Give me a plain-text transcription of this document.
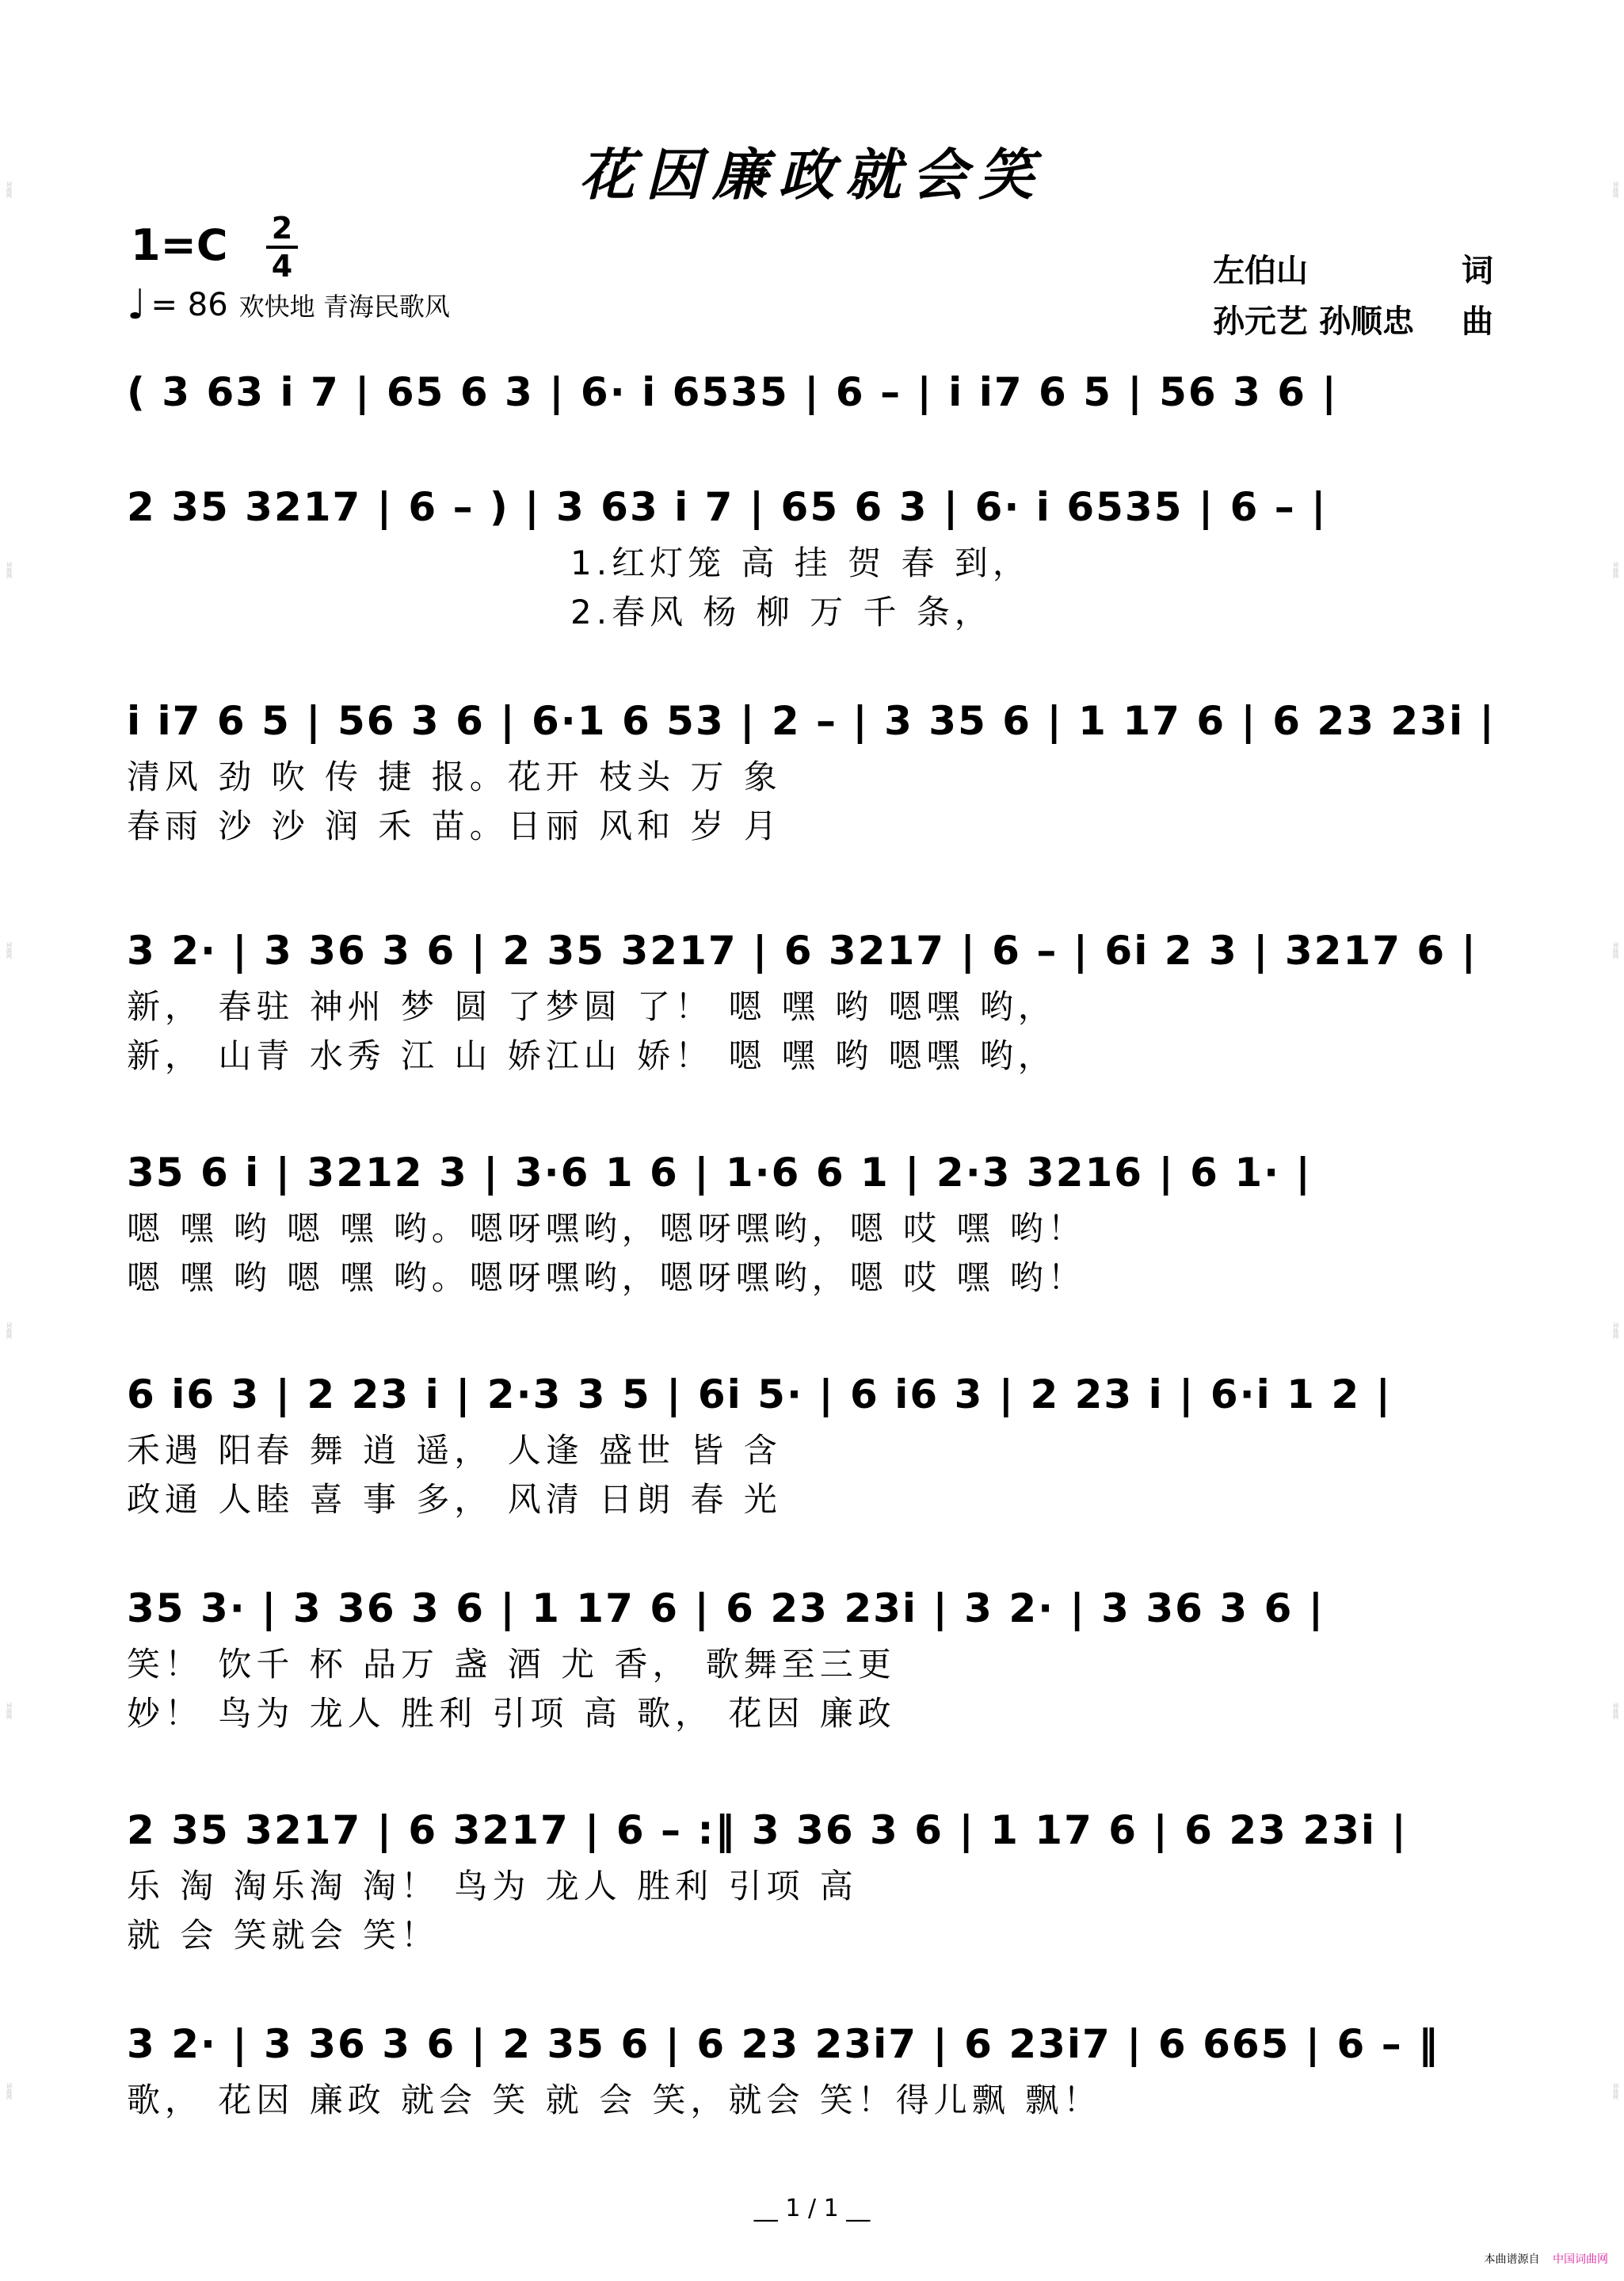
词曲网
词曲网
词曲网
词曲网
词曲网
词曲网
词曲网
词曲网
词曲网
词曲网
词曲网
词曲网
花因廉政就会笑
1=C 2
4
♩ = 86 欢快地 青海民歌风
左伯山	词
孙元艺 孙顺忠 曲
( 3 63 i 7 | 65 6 3 | 6· i 6535 | 6 – | i i7 6 5 | 56 3 6 |
2 35 3217 | 6 – ) | 3 63 i 7 | 65 6 3 | 6· i 6535 | 6 – |
1.红灯笼 高 挂 贺 春 到，
2.春风 杨 柳 万 千 条，
i i7 6 5 | 56 3 6 | 6·1 6 53 | 2 – | 3 35 6 | 1 17 6 | 6 23 23i |
清风 劲 吹 传 捷 报。花开 枝头 万 象
春雨 沙 沙 润 禾 苗。日丽 风和 岁 月
3 2· | 3 36 3 6 | 2 35 3217 | 6 3217 | 6 – | 6i 2 3 | 3217 6 |
新， 春驻 神州 梦 圆 了梦圆 了！ 嗯 嘿 哟 嗯嘿 哟，
新， 山青 水秀 江 山 娇江山 娇！ 嗯 嘿 哟 嗯嘿 哟，
35 6 i | 3212 3 | 3·6 1 6 | 1·6 6 1 | 2·3 3216 | 6 1· |
嗯 嘿 哟 嗯 嘿 哟。嗯呀嘿哟，嗯呀嘿哟，嗯 哎 嘿 哟！
嗯 嘿 哟 嗯 嘿 哟。嗯呀嘿哟，嗯呀嘿哟，嗯 哎 嘿 哟！
6 i6 3 | 2 23 i | 2·3 3 5 | 6i 5· | 6 i6 3 | 2 23 i | 6·i 1 2 |
禾遇 阳春 舞 逍 遥， 人逢 盛世 皆 含
政通 人睦 喜 事 多， 风清 日朗 春 光
35 3· | 3 36 3 6 | 1 17 6 | 6 23 23i | 3 2· | 3 36 3 6 |
笑！ 饮千 杯 品万 盏 酒 尤 香， 歌舞至三更
妙！ 鸟为 龙人 胜利 引项 高 歌， 花因 廉政
2 35 3217 | 6 3217 | 6 – :‖ 3 36 3 6 | 1 17 6 | 6 23 23i |
乐 淘 淘乐淘 淘！ 鸟为 龙人 胜利 引项 高
就 会 笑就会 笑！
3 2· | 3 36 3 6 | 2 35 6 | 6 23 23i7 | 6 23i7 | 6 665 | 6 – ‖
歌， 花因 廉政 就会 笑 就 会 笑，就会 笑！得儿飘 飘！
__ 1 / 1 __
本曲谱源自 中国词曲网
